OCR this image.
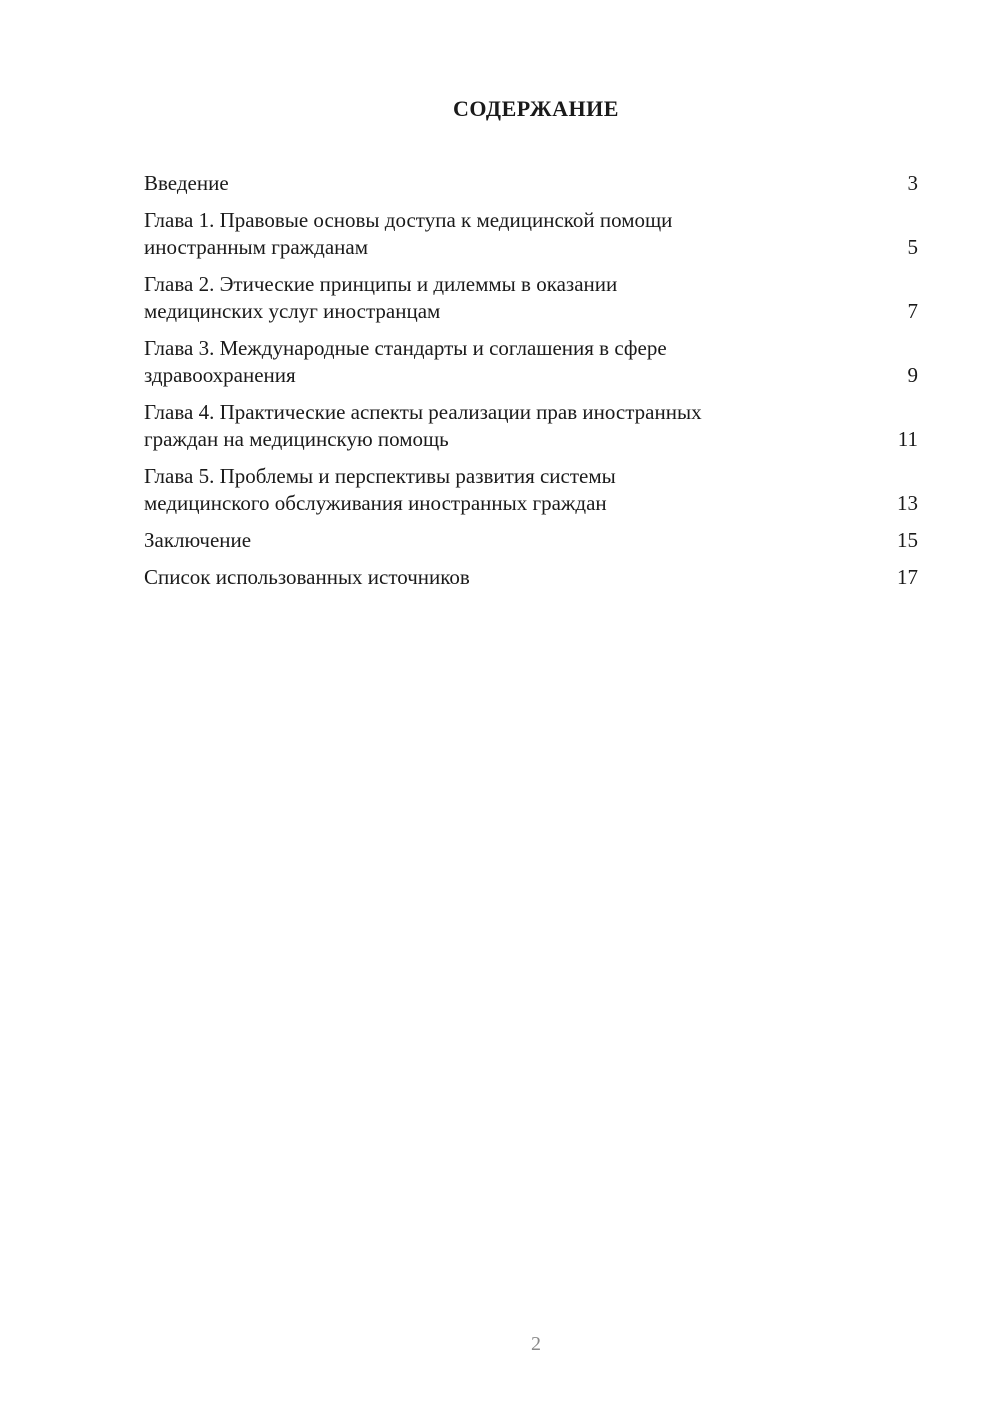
СОДЕРЖАНИЕ
Введение	3
Глава 1. Правовые основы доступа к медицинской помощи
иностранным гражданам	5
Глава 2. Этические принципы и дилеммы в оказании
медицинских услуг иностранцам	7
Глава 3. Международные стандарты и соглашения в сфере
здравоохранения	9
Глава 4. Практические аспекты реализации прав иностранных
граждан на медицинскую помощь	11
Глава 5. Проблемы и перспективы развития системы
медицинского обслуживания иностранных граждан	13
Заключение	15
Список использованных источников	17
2
